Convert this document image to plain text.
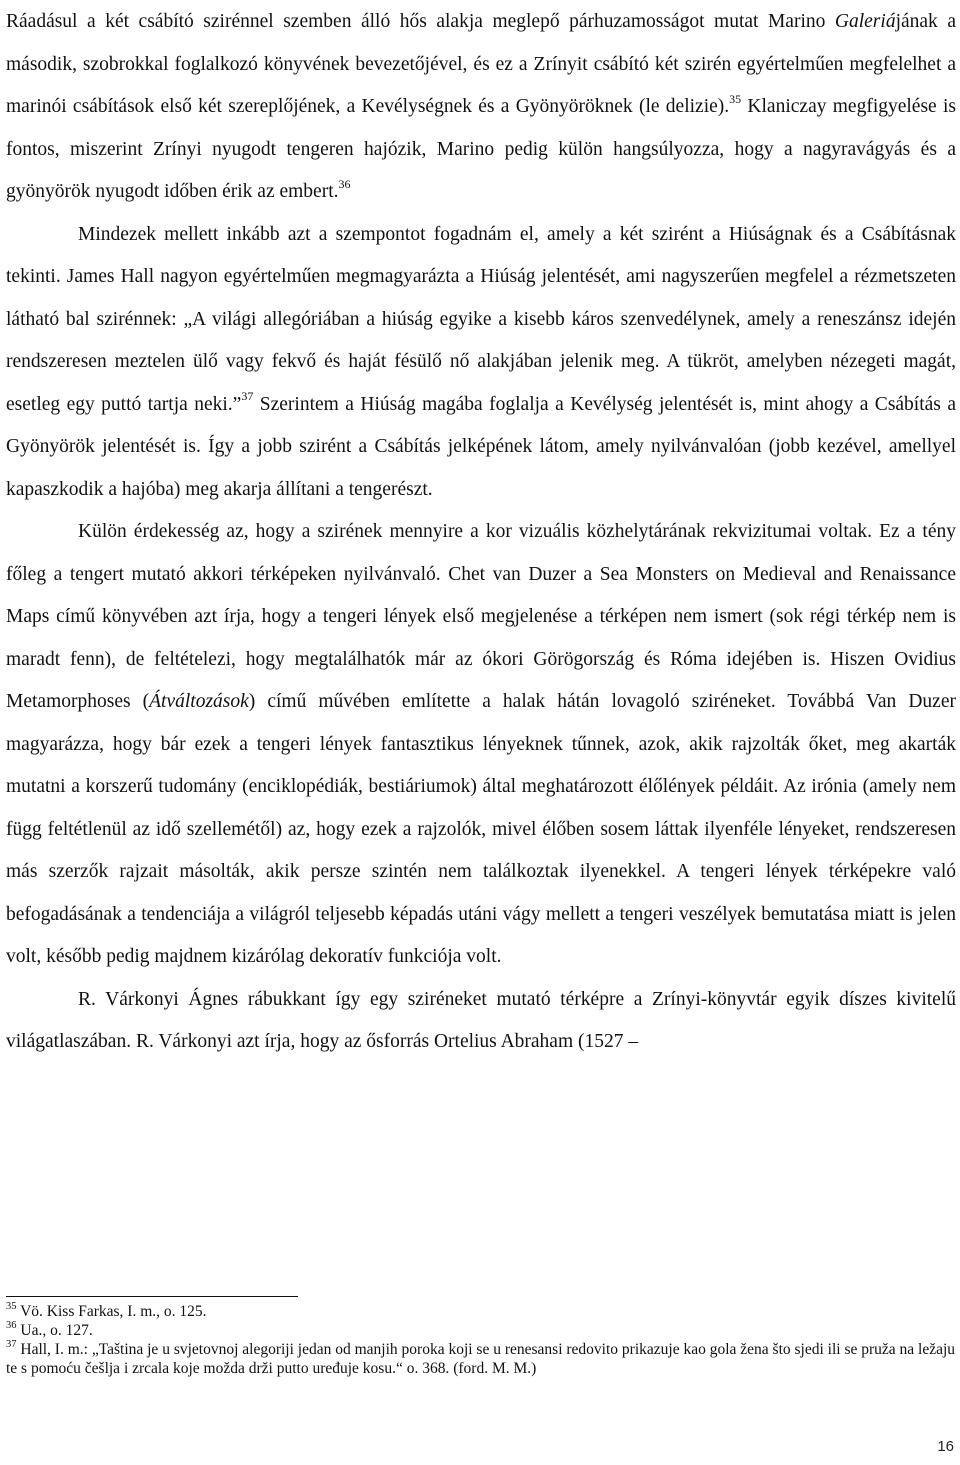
Ráadásul a két csábító szirénnel szemben álló hős alakja meglepő párhuzamosságot mutat Marino Galeriájának a második, szobrokkal foglalkozó könyvének bevezetőjével, és ez a Zrínyit csábító két szirén egyértelműen megfelelhet a marinói csábítások első két szereplőjének, a Kevélységnek és a Gyönyöröknek (le delizie).$^{35}$ Klaniczay megfigyelése is fontos, miszerint Zrínyi nyugodt tengeren hajózik, Marino pedig külön hangsúlyozza, hogy a nagyravágyás és a gyönyörök nyugodt időben érik az embert.$^{36}$

Mindezek mellett inkább azt a szempontot fogadnám el, amely a két szirént a Hiúságnak és a Csábításnak tekinti. James Hall nagyon egyértelműen megmagyarázta a Hiúság jelentését, ami nagyszerűen megfelel a rézmetszeten látható bal szirénnek: „A világi allegóriában a hiúság egyike a kisebb káros szenvedélynek, amely a reneszánsz idején rendszeresen meztelen ülő vagy fekvő és haját fésülő nő alakjában jelenik meg. A tükröt, amelyben nézegeti magát, esetleg egy puttó tartja neki.”$^{37}$ Szerintem a Hiúság magába foglalja a Kevélység jelentését is, mint ahogy a Csábítás a Gyönyörök jelentését is. Így a jobb szirént a Csábítás jelképének látom, amely nyilvánvalóan (jobb kezével, amellyel kapaszkodik a hajóba) meg akarja állítani a tengerészt.

Külön érdekesség az, hogy a szirének mennyire a kor vizuális közhelytárának rekvizitumai voltak. Ez a tény főleg a tengert mutató akkori térképeken nyilvánvaló. Chet van Duzer a Sea Monsters on Medieval and Renaissance Maps című könyvében azt írja, hogy a tengeri lények első megjelenése a térképen nem ismert (sok régi térkép nem is maradt fenn), de feltételezi, hogy megtalálhatók már az ókori Görögország és Róma idejében is. Hiszen Ovidius Metamorphoses (Átváltozások) című művében említette a halak hátán lovagoló sziréneket. Továbbá Van Duzer magyarázza, hogy bár ezek a tengeri lények fantasztikus lényeknek tűnnek, azok, akik rajzolták őket, meg akarták mutatni a korszerű tudomány (enciklopédiák, bestiáriumok) által meghatározott élőlények példáit. Az irónia (amely nem függ feltétlenül az idő szellemétől) az, hogy ezek a rajzolók, mivel élőben sosem láttak ilyenféle lényeket, rendszeresen más szerzők rajzait másolták, akik persze szintén nem találkoztak ilyenekkel. A tengeri lények térképekre való befogadásának a tendenciája a világról teljesebb képadás utáni vágy mellett a tengeri veszélyek bemutatása miatt is jelen volt, később pedig majdnem kizárólag dekoratív funkciója volt.

R. Várkonyi Ágnes rábukkant így egy sziréneket mutató térképre a Zrínyi-könyvtár egyik díszes kivitelű világatlaszában. R. Várkonyi azt írja, hogy az ősforrás Ortelius Abraham (1527 –

$^{35}$ Vö. Kiss Farkas, I. m., o. 125.

$^{36}$ Ua., o. 127.

$^{37}$ Hall, I. m.: „Taština je u svjetovnoj alegoriji jedan od manjih poroka koji se u renesansi redovito prikazuje kao gola žena što sjedi ili se pruža na ležaju te s pomoću češlja i zrcala koje možda drži putto uređuje kosu.“ o. 368. (ford. M. M.)

16
